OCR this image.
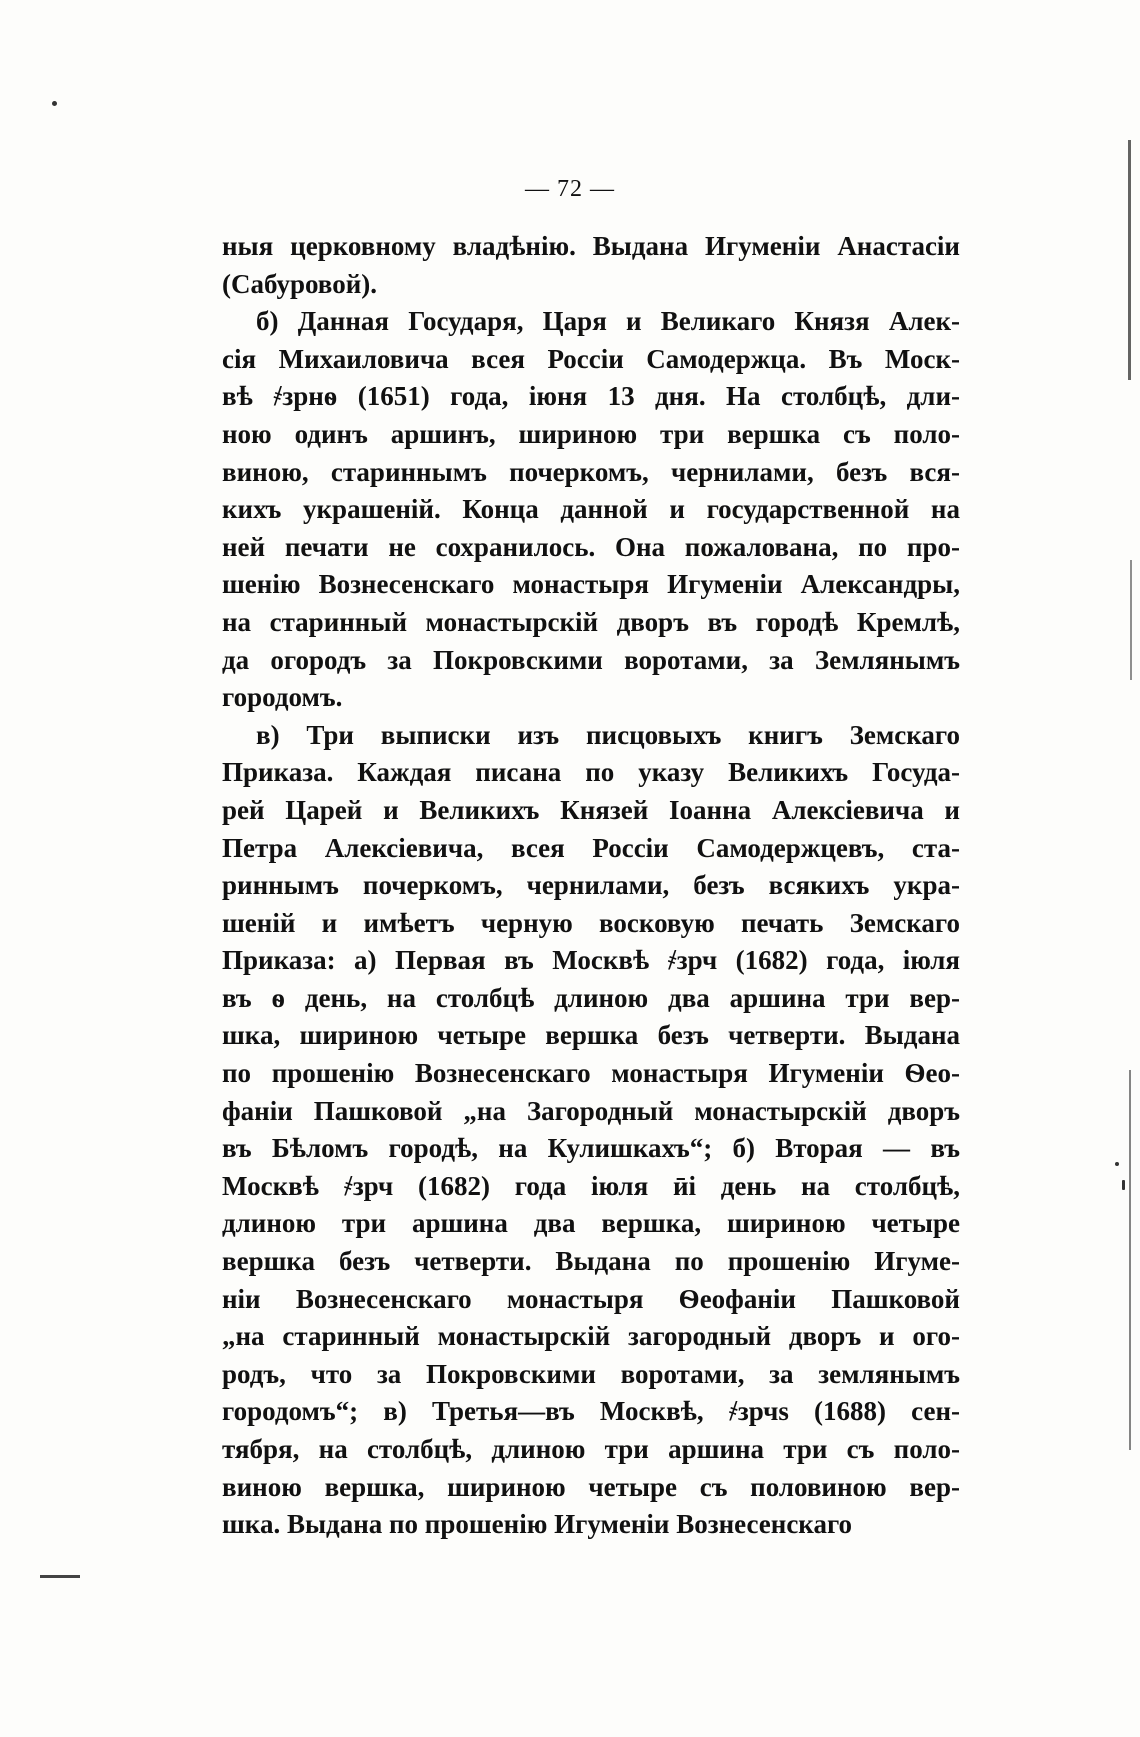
— 72 —
ныя церковному владѣнію. Выдана Игуменіи Анастасіи
(Сабуровой).
б) Данная Государя, Царя и Великаго Князя Алек-
сія Михаиловича всея Россіи Самодержца. Въ Моск-
вѣ ҂зрнѳ (1651) года, іюня 13 дня. На столбцѣ, дли-
ною одинъ аршинъ, шириною три вершка съ поло-
виною, стариннымъ почеркомъ, чернилами, безъ вся-
кихъ украшеній. Конца данной и государственной на
ней печати не сохранилось. Она пожалована, по про-
шенію Вознесенскаго монастыря Игуменіи Александры,
на старинный монастырскій дворъ въ городѣ Кремлѣ,
да огородъ за Покровскими воротами, за Землянымъ
городомъ.
в) Три выписки изъ писцовыхъ книгъ Земскаго
Приказа. Каждая писана по указу Великихъ Госуда-
рей Царей и Великихъ Князей Іоанна Алексіевича и
Петра Алексіевича, всея Россіи Самодержцевъ, ста-
риннымъ почеркомъ, чернилами, безъ всякихъ укра-
шеній и имѣетъ черную восковую печать Земскаго
Приказа: а) Первая въ Москвѣ ҂зрч (1682) года, іюля
въ ѳ день, на столбцѣ длиною два аршина три вер-
шка, шириною четыре вершка безъ четверти. Выдана
по прошенію Вознесенскаго монастыря Игуменіи Ѳео-
фаніи Пашковой „на Загородный монастырскій дворъ
въ Бѣломъ городѣ, на Кулишкахъ“; б) Вторая — въ
Москвѣ ҂зрч (1682) года іюля ӣі день на столбцѣ,
длиною три аршина два вершка, шириною четыре
вершка безъ четверти. Выдана по прошенію Игуме-
ніи Вознесенскаго монастыря Ѳеофаніи Пашковой
„на старинный монастырскій загородный дворъ и ого-
родъ, что за Покровскими воротами, за землянымъ
городомъ“; в) Третья—въ Москвѣ, ҂зрчs (1688) сен-
тября, на столбцѣ, длиною три аршина три съ поло-
виною вершка, шириною четыре съ половиною вер-
шка. Выдана по прошенію Игуменіи Вознесенскаго
